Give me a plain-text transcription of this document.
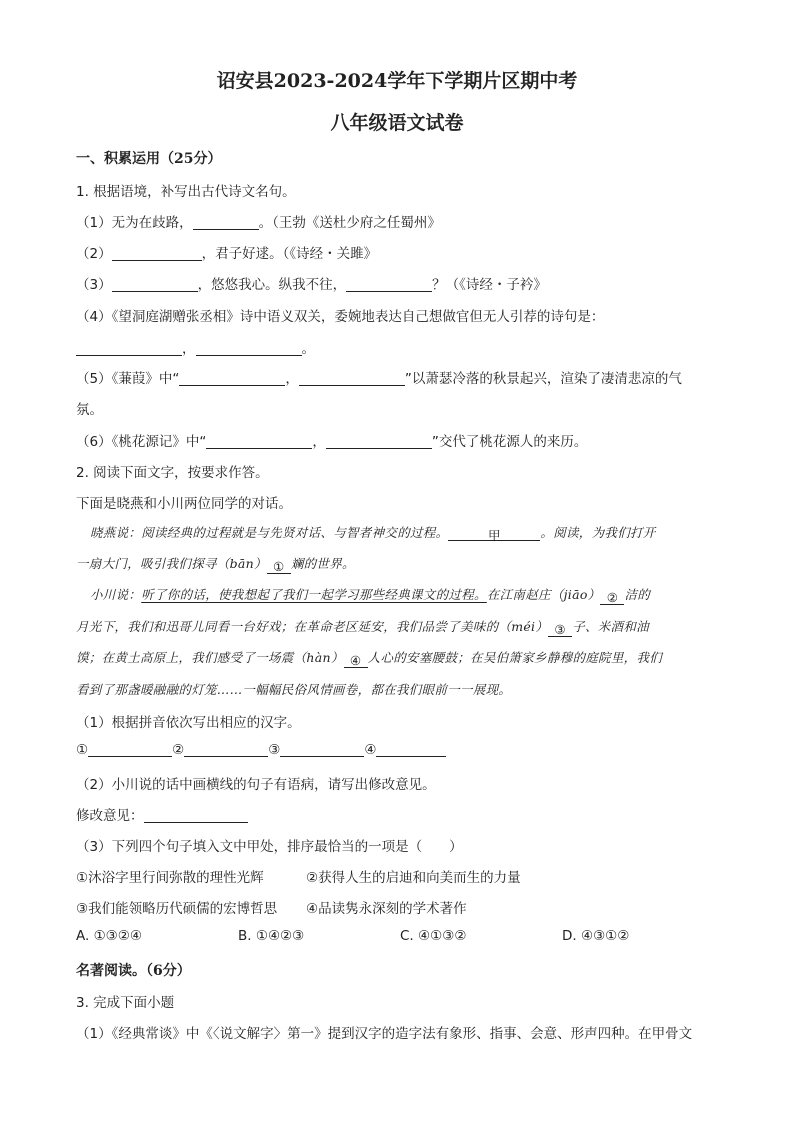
诏安县2023-2024学年下学期片区期中考
八年级语文试卷
一、积累运用（25分）
1. 根据语境，补写出古代诗文名句。
（1）无为在歧路，	。（王勃《送杜少府之任蜀州》
（2）	，君子好逑。（《诗经・关雎》
（3）	，悠悠我心。纵我不往，	？（《诗经・子衿》
（4）《望洞庭湖赠张丞相》诗中语义双关，委婉地表达自己想做官但无人引荐的诗句是：
，	。
（5）《蒹葭》中“	，	”以萧瑟冷落的秋景起兴，渲染了凄清悲凉的气
氛。
（6）《桃花源记》中“	，	”交代了桃花源人的来历。
2. 阅读下面文字，按要求作答。
下面是晓燕和小川两位同学的对话。
晓燕说：阅读经典的过程就是与先贤对话、与智者神交的过程。	甲	。阅读，为我们打开
一扇大门，吸引我们探寻（bān） ① 斓的世界。
小川说：听了你的话，使我想起了我们一起学习那些经典课文的过程。在江南赵庄（jiāo） ② 洁的
月光下，我们和迅哥儿同看一台好戏；在革命老区延安，我们品尝了美味的（méi） ③ 子、米酒和油
馍；在黄土高原上，我们感受了一场震（hàn） ④ 人心的安塞腰鼓；在吴伯箫家乡静穆的庭院里，我们
看到了那盏暖融融的灯笼……一幅幅民俗风情画卷，都在我们眼前一一展现。
（1）根据拼音依次写出相应的汉字。
①	②	③	④
（2）小川说的话中画横线的句子有语病，请写出修改意见。
修改意见：
（3）下列四个句子填入文中甲处，排序最恰当的一项是（　　）
①沐浴字里行间弥散的理性光辉	②获得人生的启迪和向美而生的力量
③我们能领略历代硕儒的宏博哲思 ④品读隽永深刻的学术著作
A. ①③②④	B. ①④②③	C. ④①③②	D. ④③①②
名著阅读。（6分）
3. 完成下面小题
（1）《经典常谈》中《〈说文解字〉第一》提到汉字的造字法有象形、指事、会意、形声四种。在甲骨文
